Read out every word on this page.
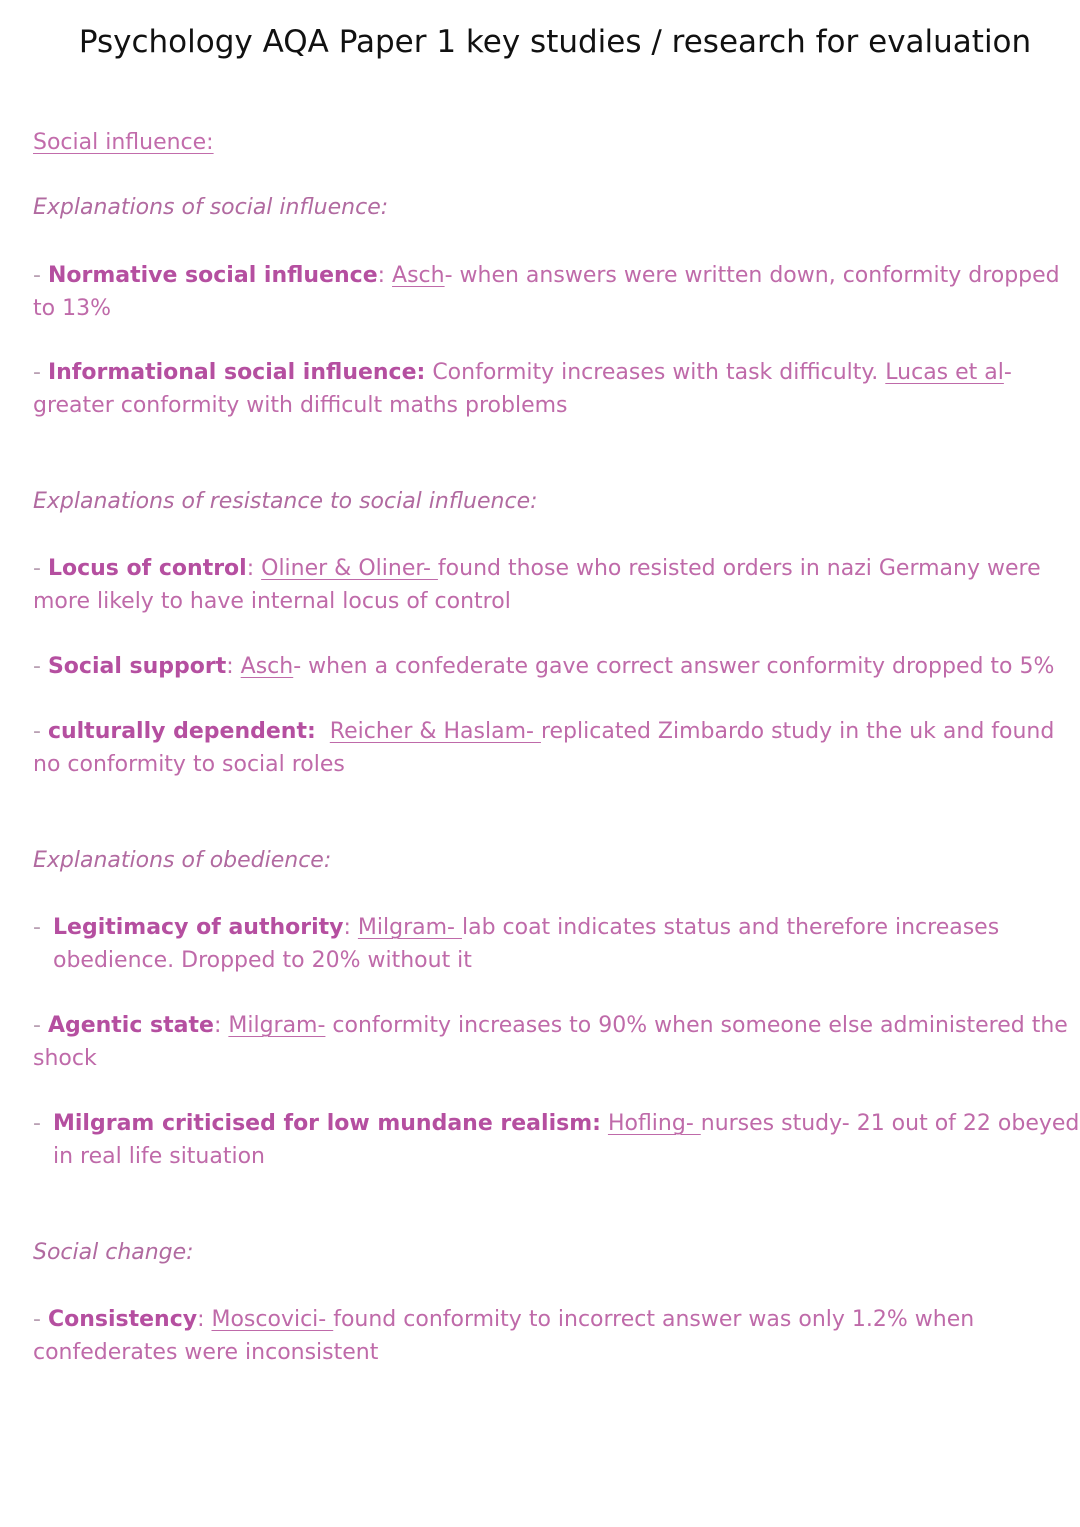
Psychology AQA Paper 1 key studies / research for evaluation
Social influence:
Explanations of social influence:
- Normative social influence: Asch- when answers were written down, conformity dropped to 13%
- Informational social influence: Conformity increases with task difficulty. Lucas et al- greater conformity with difficult maths problems
Explanations of resistance to social influence:
- Locus of control: Oliner & Oliner- found those who resisted orders in nazi Germany were more likely to have internal locus of control
- Social support: Asch- when a confederate gave correct answer conformity dropped to 5%
- culturally dependent: Reicher & Haslam- replicated Zimbardo study in the uk and found no conformity to social roles
Explanations of obedience:
- Legitimacy of authority: Milgram- lab coat indicates status and therefore increases obedience. Dropped to 20% without it
- Agentic state: Milgram- conformity increases to 90% when someone else administered the shock
- Milgram criticised for low mundane realism: Hofling- nurses study- 21 out of 22 obeyed in real life situation
Social change:
- Consistency: Moscovici- found conformity to incorrect answer was only 1.2% when confederates were inconsistent
